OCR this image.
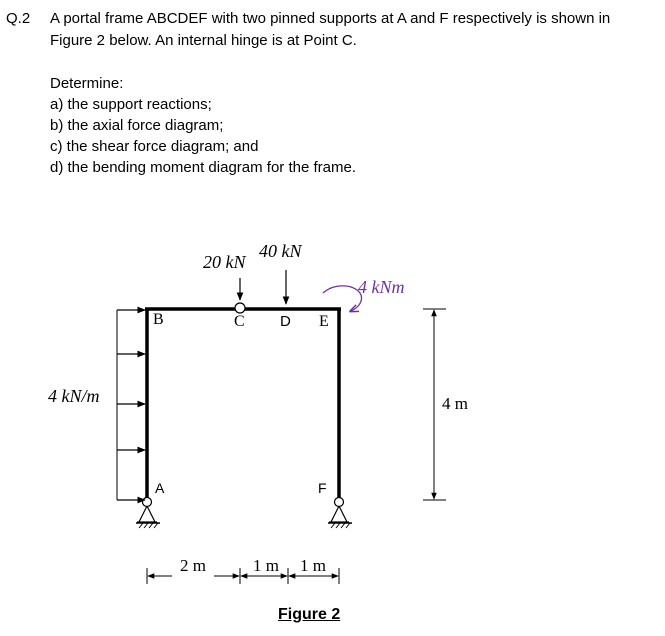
Q.2 A portal frame ABCDEF with two pinned supports at A and F respectively is shown in
Figure 2 below. An internal hinge is at Point C.
Determine:
a) the support reactions;
b) the axial force diagram;
c) the shear force diagram; and
d) the bending moment diagram for the frame.
20 kN
40 kN
4 kNm
4 kN/m
B	C D E
A	F
2 m	1 m 1 m
4 m
Figure 2
